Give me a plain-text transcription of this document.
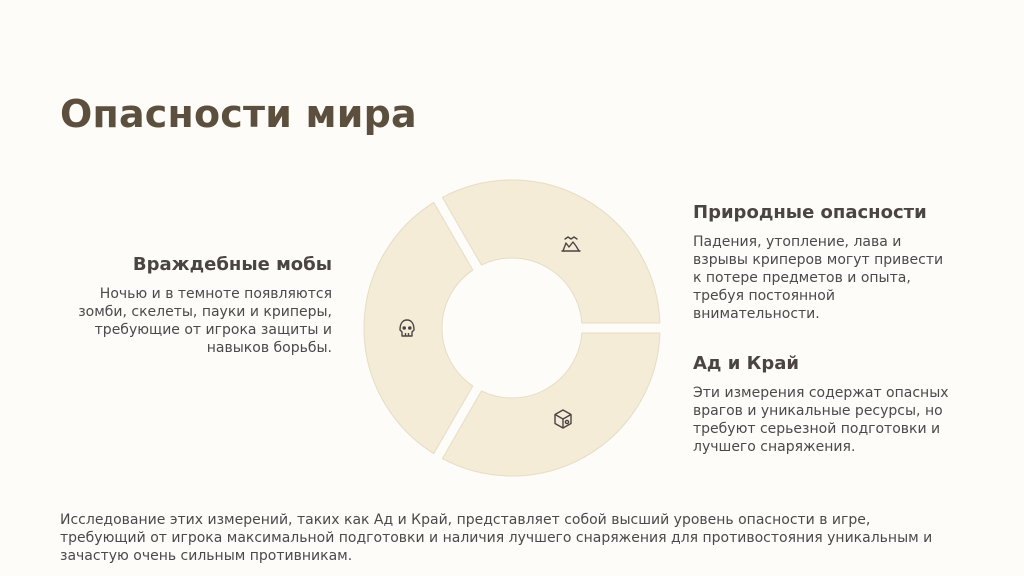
Опасности мира
Враждебные мобы

Ночью и в темноте появляются зомби, скелеты, пауки и криперы, требующие от игрока защиты и навыков борьбы.

Природные опасности

Падения, утопление, лава и взрывы криперов могут привести к потере предметов и опыта, требуя постоянной внимательности.

Ад и Край

Эти измерения содержат опасных врагов и уникальные ресурсы, но требуют серьезной подготовки и лучшего снаряжения.

Исследование этих измерений, таких как Ад и Край, представляет собой высший уровень опасности в игре, требующий от игрока максимальной подготовки и наличия лучшего снаряжения для противостояния уникальным и зачастую очень сильным противникам.
